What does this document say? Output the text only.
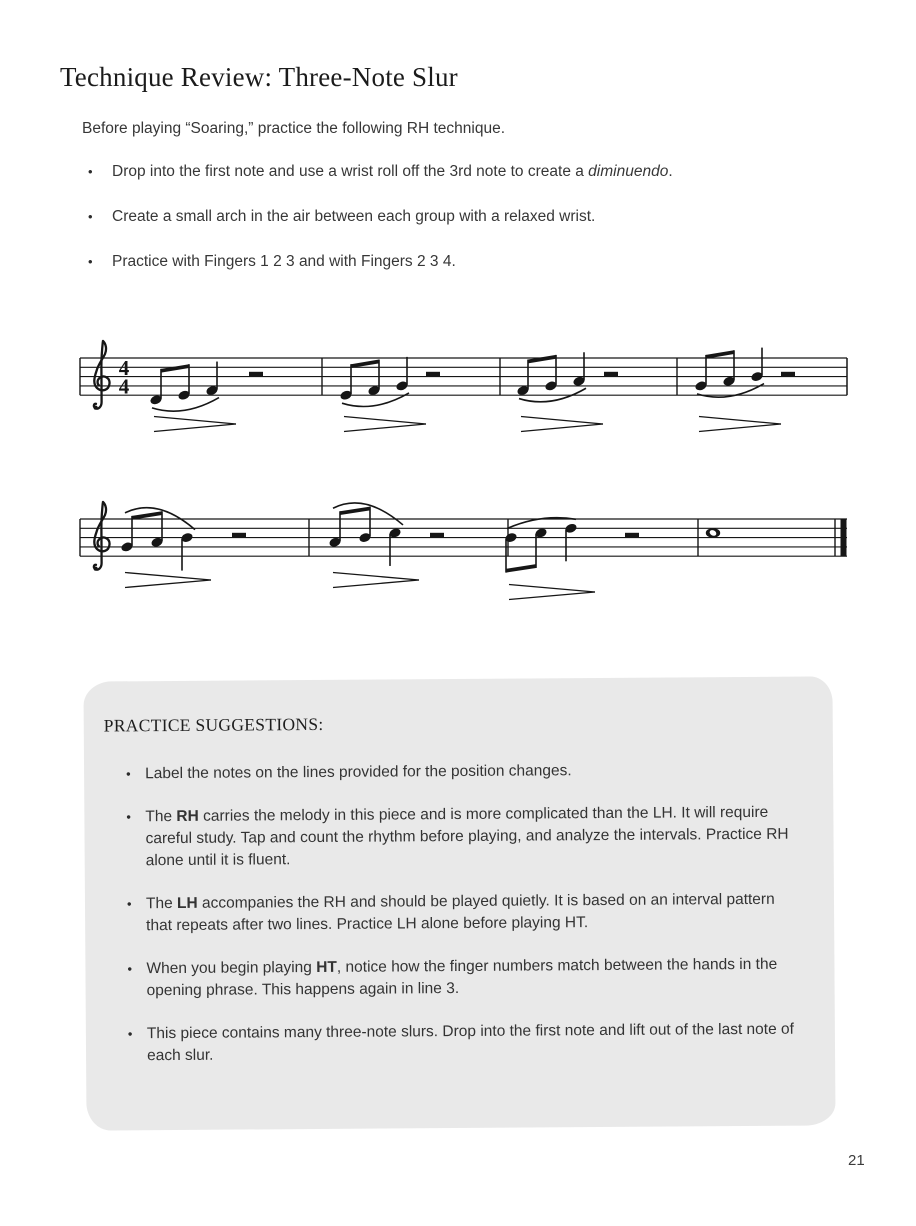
Technique Review: Three-Note Slur

Before playing “Soaring,” practice the following RH technique.

•	Drop into the first note and use a wrist roll off the 3rd note to create a diminuendo.
•	Create a small arch in the air between each group with a relaxed wrist.
•	Practice with Fingers 1 2 3 and with Fingers 2 3 4.
4
4
PRACTICE SUGGESTIONS:
• Label the notes on the lines provided for the position changes.
• The RH carries the melody in this piece and is more complicated than the LH. It will require careful study. Tap and count the rhythm before playing, and analyze the intervals. Practice RH alone until it is fluent.
• The LH accompanies the RH and should be played quietly. It is based on an interval pattern that repeats after two lines. Practice LH alone before playing HT.
• When you begin playing HT, notice how the finger numbers match between the hands in the opening phrase. This happens again in line 3.
• This piece contains many three-note slurs. Drop into the first note and lift out of the last note of each slur.
21
